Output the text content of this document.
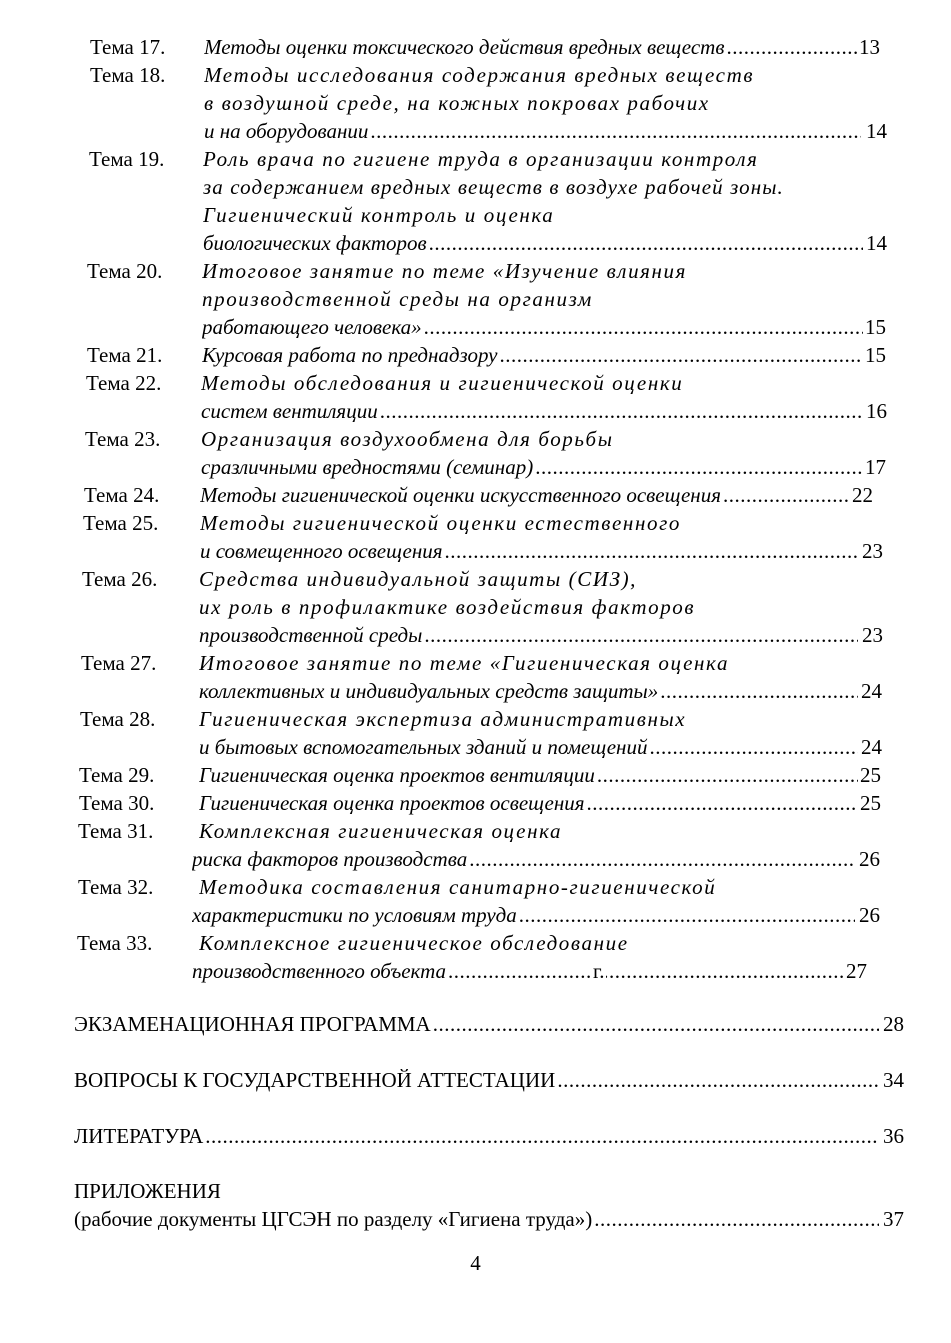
Тема 17. Методы оценки токсического действия вредных веществ .....	13
Тема 18. Методы исследования содержания вредных веществ
в воздушной среде, на кожных покровах рабочих
и на оборудовании .....	14
Тема 19. Роль врача по гигиене труда в организации контроля
за содержанием вредных веществ в воздухе рабочей зоны.
Гигиенический контроль и оценка
биологических факторов .....	14
Тема 20. Итоговое занятие по теме «Изучение влияния
производственной среды на организм
работающего человека» .....	15
Тема 21. Курсовая работа по преднадзору .....	15
Тема 22. Методы обследования и гигиенической оценки
систем вентиляции .....	16
Тема 23. Организация воздухообмена для борьбы
сразличными вредностями (семинар) .....	17
Тема 24. Методы гигиенической оценки искусственного освещения .....	22
Тема 25. Методы гигиенической оценки естественного
и совмещенного освещения .....	23
Тема 26. Средства индивидуальной защиты (СИЗ),
их роль в профилактике воздействия факторов
производственной среды .....	23
Тема 27. Итоговое занятие по теме «Гигиеническая оценка
коллективных и индивидуальных средств защиты» .....	24
Тема 28. Гигиеническая экспертиза административных
и бытовых вспомогательных зданий и помещений .....	24
Тема 29. Гигиеническая оценка проектов вентиляции .....	25
Тема 30. Гигиеническая оценка проектов освещения .....	25
Тема 31. Комплексная гигиеническая оценка
риска факторов производства .....	26
Тема 32. Методика составления санитарно-гигиенической
характеристики по условиям труда .....	26
Тема 33. Комплексное гигиеническое обследование
производственного объекта .....	г.	27
ЭКЗАМЕНАЦИОННАЯ ПРОГРАММА .....	28
ВОПРОСЫ К ГОСУДАРСТВЕННОЙ АТТЕСТАЦИИ .....	34
ЛИТЕРАТУРА .....	36
ПРИЛОЖЕНИЯ
(рабочие документы ЦГСЭН по разделу «Гигиена труда») .....	37
4
